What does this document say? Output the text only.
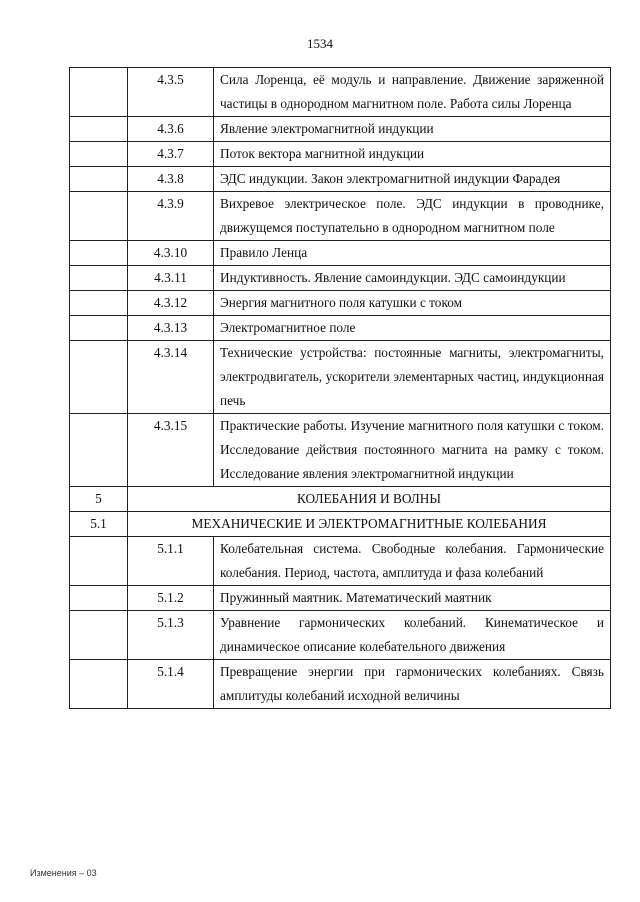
1534
	4.3.5	Сила Лоренца, её модуль и направление. Движение заряженной частицы в однородном магнитном поле. Работа силы Лоренца
	4.3.6	Явление электромагнитной индукции
	4.3.7	Поток вектора магнитной индукции
	4.3.8	ЭДС индукции. Закон электромагнитной индукции Фарадея
	4.3.9	Вихревое электрическое поле. ЭДС индукции в проводнике, движущемся поступательно в однородном магнитном поле
	4.3.10	Правило Ленца
	4.3.11	Индуктивность. Явление самоиндукции. ЭДС самоиндукции
	4.3.12	Энергия магнитного поля катушки с током
	4.3.13	Электромагнитное поле
	4.3.14	Технические устройства: постоянные магниты, электромагниты, электродвигатель, ускорители элементарных частиц, индукционная печь
	4.3.15	Практические работы. Изучение магнитного поля катушки с током. Исследование действия постоянного магнита на рамку с током. Исследование явления электромагнитной индукции
5	КОЛЕБАНИЯ И ВОЛНЫ	
5.1	МЕХАНИЧЕСКИЕ И ЭЛЕКТРОМАГНИТНЫЕ КОЛЕБАНИЯ	
	5.1.1	Колебательная система. Свободные колебания. Гармонические колебания. Период, частота, амплитуда и фаза колебаний
	5.1.2	Пружинный маятник. Математический маятник
	5.1.3	Уравнение гармонических колебаний. Кинематическое и динамическое описание колебательного движения
	5.1.4	Превращение энергии при гармонических колебаниях. Связь амплитуды колебаний исходной величины
Изменения – 03
